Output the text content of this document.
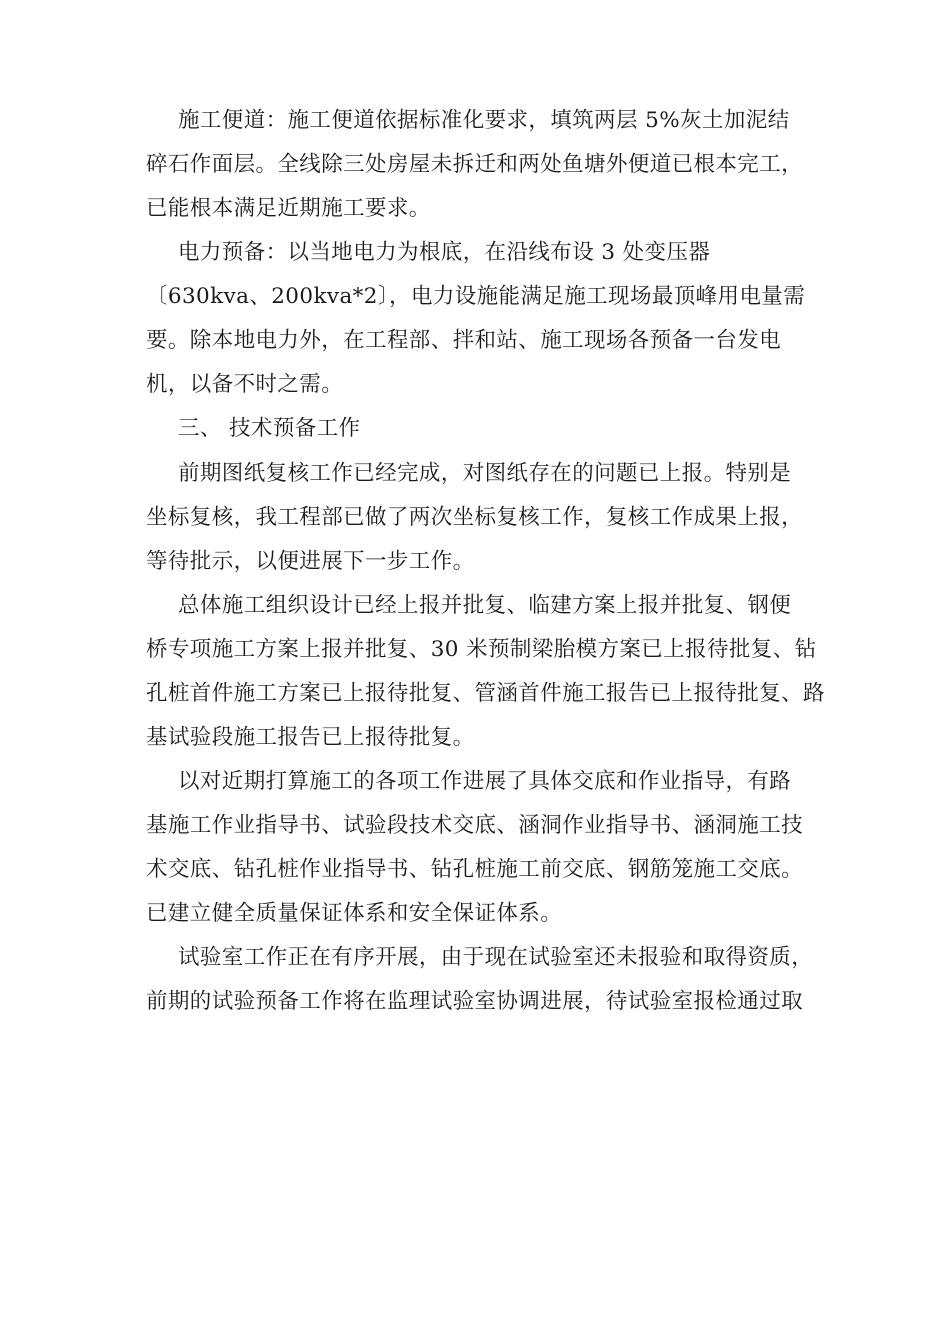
施工便道：施工便道依据标准化要求，填筑两层 5%灰土加泥结
碎石作面层。全线除三处房屋未拆迁和两处鱼塘外便道已根本完工，
已能根本满足近期施工要求。
电力预备：以当地电力为根底，在沿线布设 3 处变压器
〔630kva、200kva*2〕，电力设施能满足施工现场最顶峰用电量需
要。除本地电力外，在工程部、拌和站、施工现场各预备一台发电
机，以备不时之需。
三、 技术预备工作
前期图纸复核工作已经完成，对图纸存在的问题已上报。特别是
坐标复核，我工程部已做了两次坐标复核工作，复核工作成果上报，
等待批示，以便进展下一步工作。
总体施工组织设计已经上报并批复、临建方案上报并批复、钢便
桥专项施工方案上报并批复、30 米预制梁胎模方案已上报待批复、钻
孔桩首件施工方案已上报待批复、管涵首件施工报告已上报待批复、路
基试验段施工报告已上报待批复。
以对近期打算施工的各项工作进展了具体交底和作业指导，有路
基施工作业指导书、试验段技术交底、涵洞作业指导书、涵洞施工技
术交底、钻孔桩作业指导书、钻孔桩施工前交底、钢筋笼施工交底。
已建立健全质量保证体系和安全保证体系。
试验室工作正在有序开展，由于现在试验室还未报验和取得资质，
前期的试验预备工作将在监理试验室协调进展，待试验室报检通过取
